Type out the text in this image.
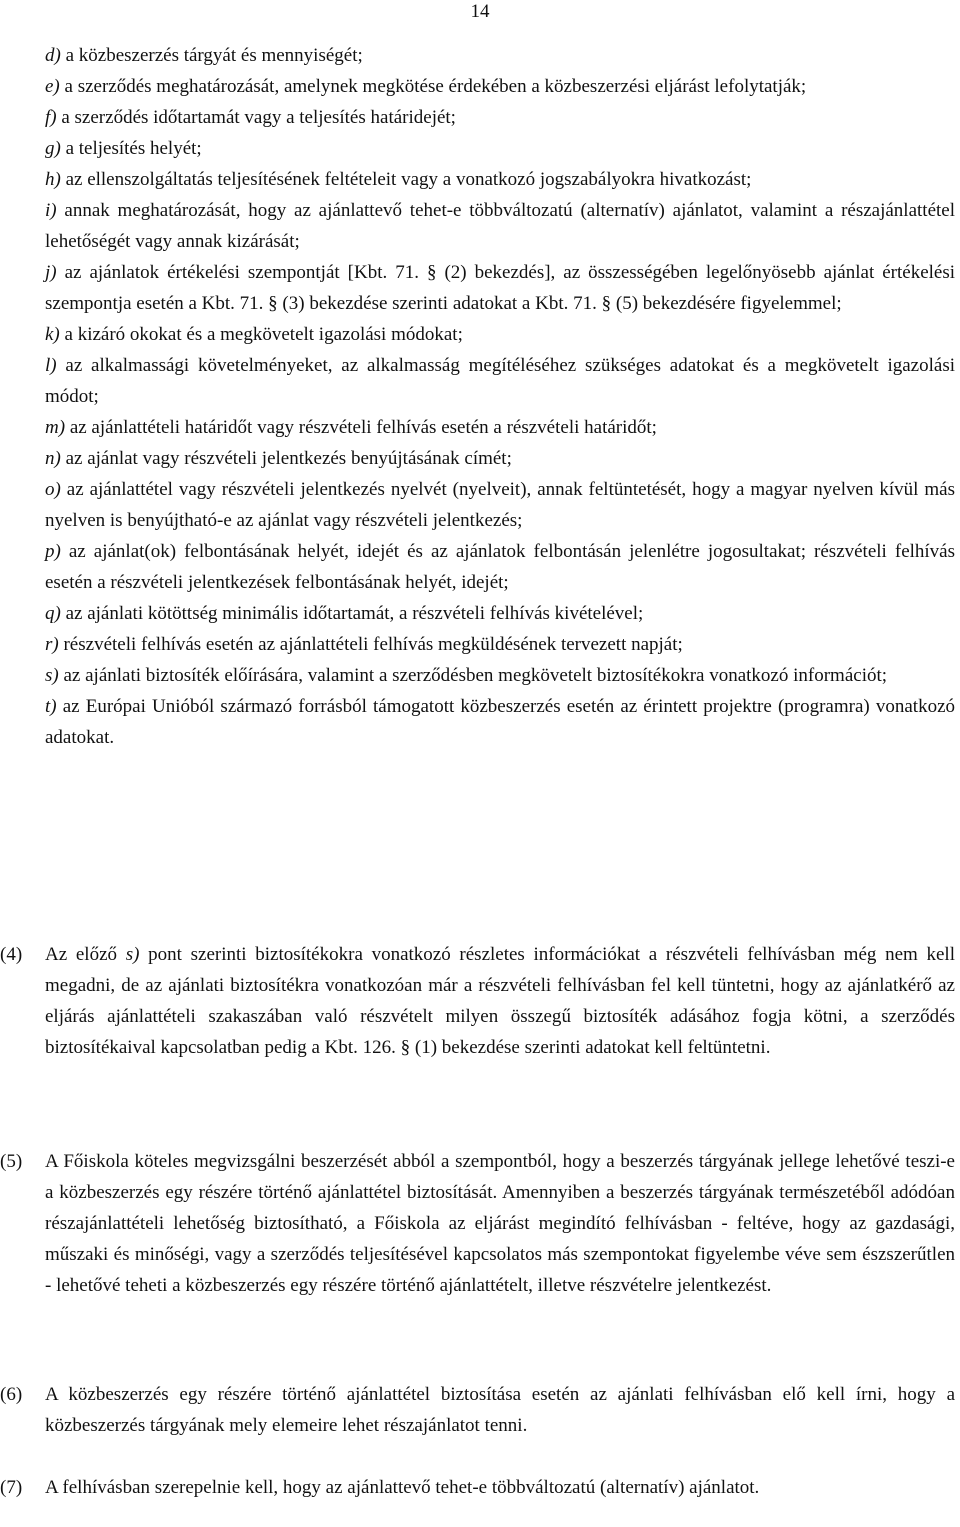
14

d) a közbeszerzés tárgyát és mennyiségét;

e) a szerződés meghatározását, amelynek megkötése érdekében a közbeszerzési eljárást lefolytatják;

f) a szerződés időtartamát vagy a teljesítés határidejét;

g) a teljesítés helyét;

h) az ellenszolgáltatás teljesítésének feltételeit vagy a vonatkozó jogszabályokra hivatkozást;

i) annak meghatározását, hogy az ajánlattevő tehet-e többváltozatú (alternatív) ajánlatot, valamint a részajánlattétel lehetőségét vagy annak kizárását;

j) az ajánlatok értékelési szempontját [Kbt. 71. § (2) bekezdés], az összességében legelőnyösebb ajánlat értékelési szempontja esetén a Kbt. 71. § (3) bekezdése szerinti adatokat a Kbt. 71. § (5) bekezdésére figyelemmel;

k) a kizáró okokat és a megkövetelt igazolási módokat;

l) az alkalmassági követelményeket, az alkalmasság megítéléséhez szükséges adatokat és a megkövetelt igazolási módot;

m) az ajánlattételi határidőt vagy részvételi felhívás esetén a részvételi határidőt;

n) az ajánlat vagy részvételi jelentkezés benyújtásának címét;

o) az ajánlattétel vagy részvételi jelentkezés nyelvét (nyelveit), annak feltüntetését, hogy a magyar nyelven kívül más nyelven is benyújtható-e az ajánlat vagy részvételi jelentkezés;

p) az ajánlat(ok) felbontásának helyét, idejét és az ajánlatok felbontásán jelenlétre jogosultakat; részvételi felhívás esetén a részvételi jelentkezések felbontásának helyét, idejét;

q) az ajánlati kötöttség minimális időtartamát, a részvételi felhívás kivételével;

r) részvételi felhívás esetén az ajánlattételi felhívás megküldésének tervezett napját;

s) az ajánlati biztosíték előírására, valamint a szerződésben megkövetelt biztosítékokra vonatkozó információt;

t) az Európai Unióból származó forrásból támogatott közbeszerzés esetén az érintett projektre (programra) vonatkozó adatokat.

(4) Az előző s) pont szerinti biztosítékokra vonatkozó részletes információkat a részvételi felhívásban még nem kell megadni, de az ajánlati biztosítékra vonatkozóan már a részvételi felhívásban fel kell tüntetni, hogy az ajánlatkérő az eljárás ajánlattételi szakaszában való részvételt milyen összegű biztosíték adásához fogja kötni, a szerződés biztosítékaival kapcsolatban pedig a Kbt. 126. § (1) bekezdése szerinti adatokat kell feltüntetni.

(5) A Főiskola köteles megvizsgálni beszerzését abból a szempontból, hogy a beszerzés tárgyának jellege lehetővé teszi-e a közbeszerzés egy részére történő ajánlattétel biztosítását. Amennyiben a beszerzés tárgyának természetéből adódóan részajánlattételi lehetőség biztosítható, a Főiskola az eljárást megindító felhívásban - feltéve, hogy az gazdasági, műszaki és minőségi, vagy a szerződés teljesítésével kapcsolatos más szempontokat figyelembe véve sem észszerűtlen - lehetővé teheti a közbeszerzés egy részére történő ajánlattételt, illetve részvételre jelentkezést.

(6) A közbeszerzés egy részére történő ajánlattétel biztosítása esetén az ajánlati felhívásban elő kell írni, hogy a közbeszerzés tárgyának mely elemeire lehet részajánlatot tenni.

(7) A felhívásban szerepelnie kell, hogy az ajánlattevő tehet-e többváltozatú (alternatív) ajánlatot.
